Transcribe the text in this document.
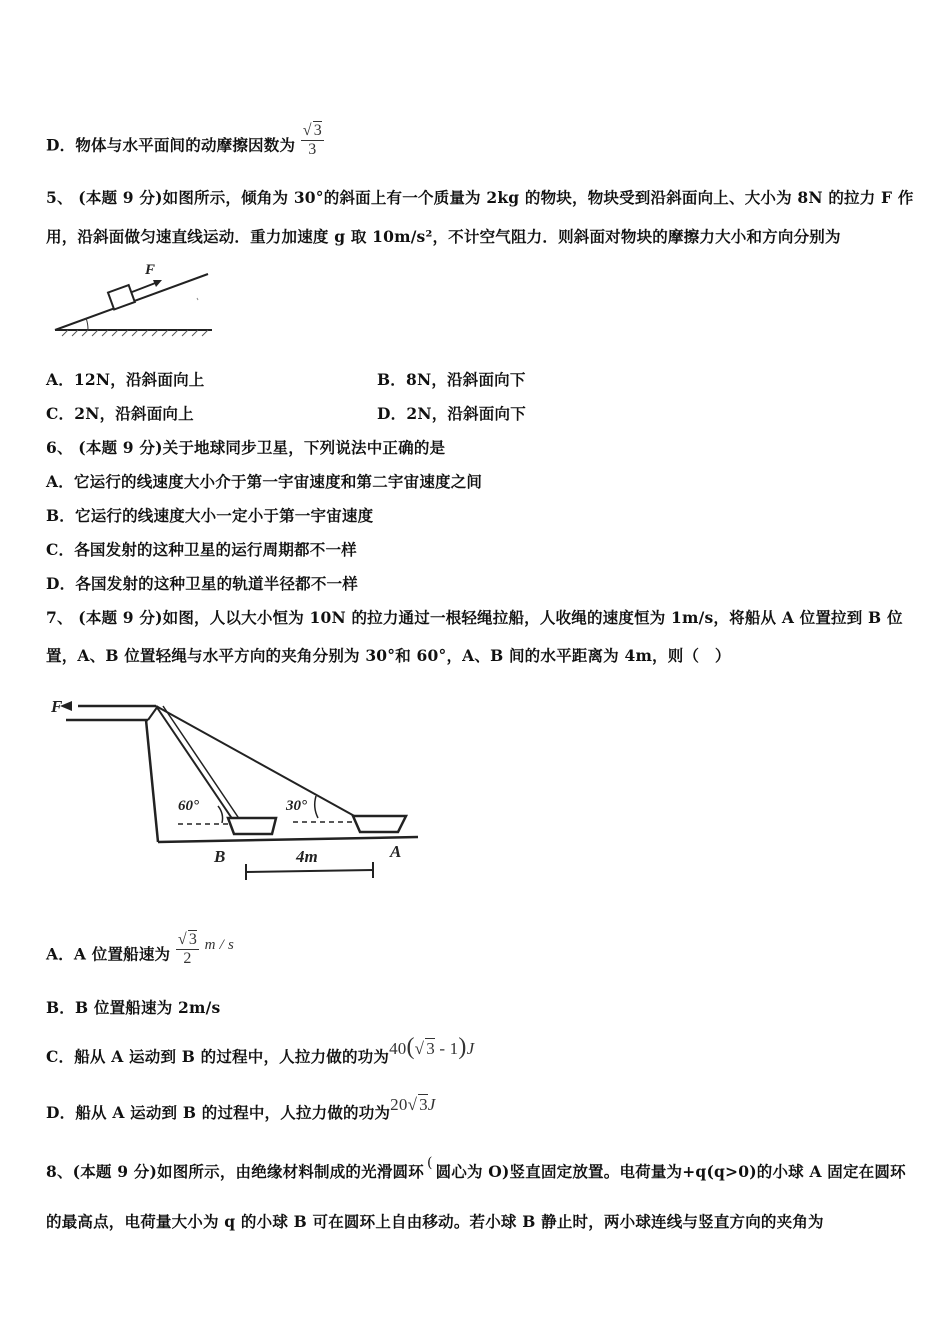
D．物体与水平面间的动摩擦因数为 $\frac{√ 3}{3}$
5、 (本题 9 分)如图所示，倾角为 30°的斜面上有一个质量为 2kg 的物块，物块受到沿斜面向上、大小为 8N 的拉力 F 作
用，沿斜面做匀速直线运动．重力加速度 g 取 10m/s²，不计空气阻力．则斜面对物块的摩擦力大小和方向分别为
F
A．12N，沿斜面向上	B．8N，沿斜面向下
C．2N，沿斜面向上	D．2N，沿斜面向下
6、 (本题 9 分)关于地球同步卫星，下列说法中正确的是
A．它运行的线速度大小介于第一宇宙速度和第二宇宙速度之间
B．它运行的线速度大小一定小于第一宇宙速度
C．各国发射的这种卫星的运行周期都不一样
D．各国发射的这种卫星的轨道半径都不一样
7、 (本题 9 分)如图，人以大小恒为 10N 的拉力通过一根轻绳拉船，人收绳的速度恒为 1m/s，将船从 A 位置拉到 B 位
置，A、B 位置轻绳与水平方向的夹角分别为 30°和 60°，A、B 间的水平距离为 4m，则（　）
F
60°	30°
B	A
4m
A．A 位置船速为 $\frac{√ 3}{2}$ m / s
B．B 位置船速为 2m/s
C．船从 A 运动到 B 的过程中，人拉力做的功为40(√ 3 - 1)J
D．船从 A 运动到 B 的过程中，人拉力做的功为20√ 3J
8、(本题 9 分)如图所示，由绝缘材料制成的光滑圆环 ( 圆心为 O)竖直固定放置。电荷量为+q(q>0)的小球 A 固定在圆环
的最高点，电荷量大小为 q 的小球 B 可在圆环上自由移动。若小球 B 静止时，两小球连线与竖直方向的夹角为
